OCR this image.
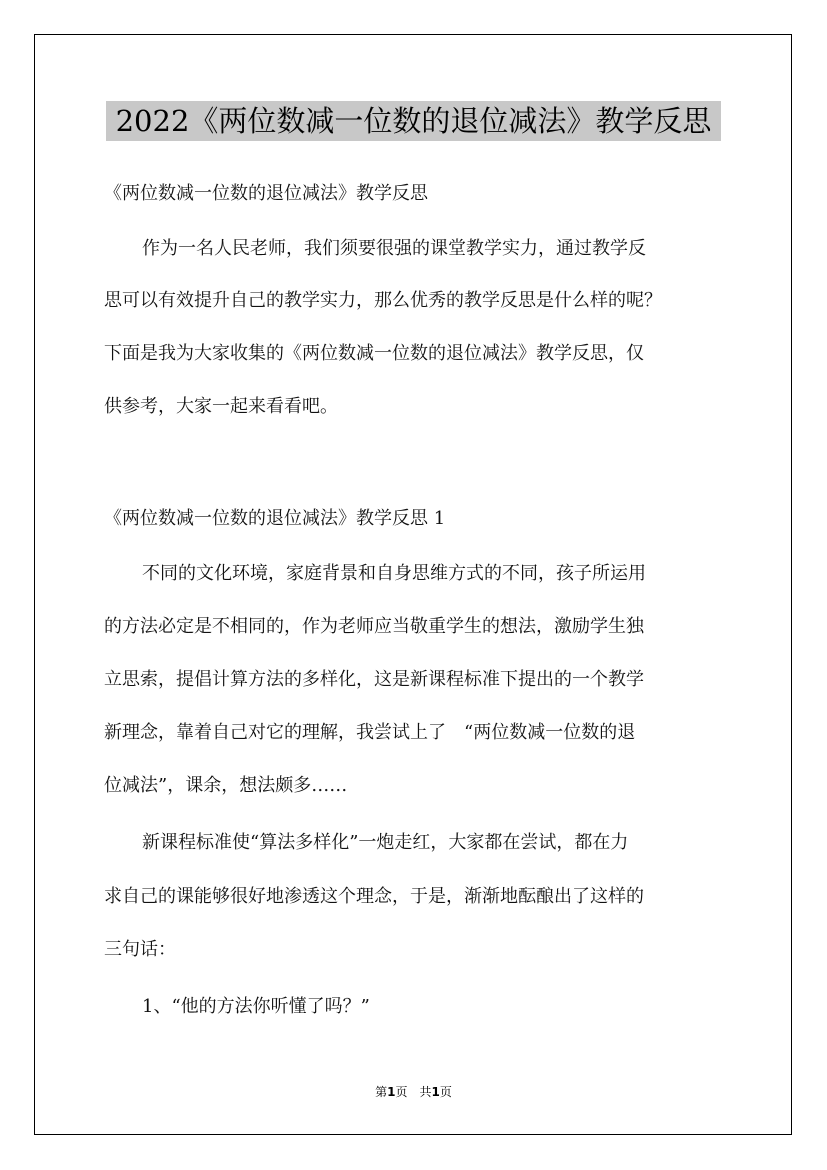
2022《两位数减一位数的退位减法》教学反思
《两位数减一位数的退位减法》教学反思
作为一名人民老师，我们须要很强的课堂教学实力，通过教学反
思可以有效提升自己的教学实力，那么优秀的教学反思是什么样的呢？
下面是我为大家收集的《两位数减一位数的退位减法》教学反思，仅
供参考，大家一起来看看吧。
《两位数减一位数的退位减法》教学反思 1
不同的文化环境，家庭背景和自身思维方式的不同，孩子所运用
的方法必定是不相同的，作为老师应当敬重学生的想法，激励学生独
立思索，提倡计算方法的多样化，这是新课程标准下提出的一个教学
新理念，靠着自己对它的理解，我尝试上了　“两位数减一位数的退
位减法”，课余，想法颇多……
新课程标准使“算法多样化”一炮走红，大家都在尝试，都在力
求自己的课能够很好地渗透这个理念，于是，渐渐地酝酿出了这样的
三句话：
1、“他的方法你听懂了吗？”
第1页　共1页
